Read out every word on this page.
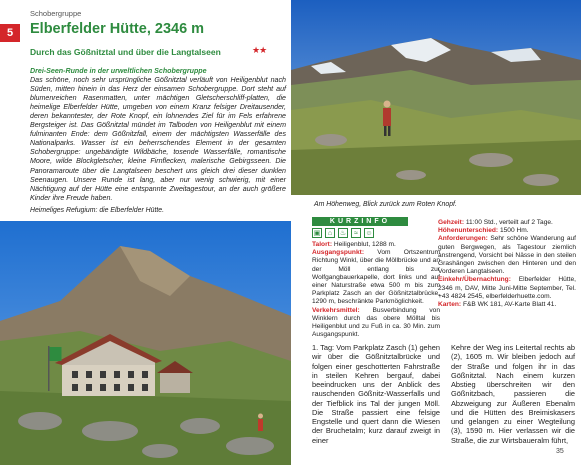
Schobergruppe
5	Elberfelder Hütte, 2346 m
Durch das Gößnitztal und über die Langtalseen	★★
Drei-Seen-Runde in der urweltlichen Schobergruppe
Das schöne, noch sehr ursprüngliche Gößnitztal verläuft von Heiligenblut nach Süden, mitten hinein in das Herz der einsamen Schobergruppe. Dort steht auf blumenreichen Rasenmatten, unter mächtigen Gletscherschliff-platten, die heimelige Elberfelder Hütte, umgeben von einem Kranz felsiger Dreitausender, deren bekanntester, der Rote Knopf, ein lohnendes Ziel für im Fels erfahrene Bergsteiger ist. Das Gößnitztal mündet im Talboden von Heiligenblut mit einem fulminanten Ende: dem Gößnitzfall, einem der mächtigsten Wasserfälle des Nationalparks. Wasser ist ein beherrschendes Element in der gesamten Schobergruppe: ungebändigte Wildbäche, tosende Wasserfälle, romantische Moore, wilde Blockgletscher, kleine Firnflecken, malerische Gebirgsseen. Die Panoramaroute über die Langtalseen beschert uns gleich drei dieser dunklen Seenaugen. Unsere Runde ist lang, aber nur wenig schwierig, mit einer Nächtigung auf der Hütte eine entspannte Zweitagestour, an der auch größere Kinder ihre Freude haben.
Heimeliges Refugium: die Elberfelder Hütte.
Am Höhenweg, Blick zurück zum Roten Knopf.
KURZINFO
▣	⌂	♨	≈	☺
Talort: Heiligenblut, 1288 m.
Ausgangspunkt: Vom Ortszentrum Richtung Winkl, über die Möllbrücke und an der Möll entlang bis zur Wolfgangbauerkapelle, dort links und auf einer Naturstraße etwa 500 m bis zum Parkplatz Zasch an der Gößnitztalbrücke, 1290 m, beschränkte Parkmöglichkeit.
Verkehrsmittel: Busverbindung von Winklern durch das obere Mölltal bis Heiligenblut und zu Fuß in ca. 30 Min. zum Ausgangspunkt.
Gehzeit: 11:00 Std., verteilt auf 2 Tage.
Höhenunterschied: 1500 Hm.
Anforderungen: Sehr schöne Wanderung auf guten Bergwegen, als Tagestour ziemlich anstrengend, Vorsicht bei Nässe in den steilen Grashängen zwischen den Hinteren und den Vorderen Langtalseen.
Einkehr/Übernachtung: Elberfelder Hütte, 2346 m, DAV, Mitte Juni-Mitte September, Tel. +43 4824 2545, elberfelderhuette.com.
Karten: F&B WK 181, AV-Karte Blatt 41.
1. Tag: Vom Parkplatz Zasch (1) gehen wir über die Gößnitztalbrücke und folgen einer geschotterten Fahrstraße in steilen Kehren bergauf, dabei beeindrucken uns der Anblick des rauschenden Gößnitz-Wasserfalls und der Tiefblick ins Tal der jungen Möll. Die Straße passiert eine felsige Engstelle und quert dann die Wiesen der Bruchetalm; kurz darauf zweigt in einer
Kehre der Weg ins Leitertal rechts ab (2), 1605 m. Wir bleiben jedoch auf der Straße und folgen ihr in das Gößnitztal. Nach einem kurzen Abstieg überschreiten wir den Gößnitzbach, passieren die Abzweigung zur Äußeren Ebenalm und die Hütten des Breimiskasers und gelangen zu einer Wegteilung (3), 1590 m. Hier verlassen wir die Straße, die zur Wirtsbaueralm führt,
35
